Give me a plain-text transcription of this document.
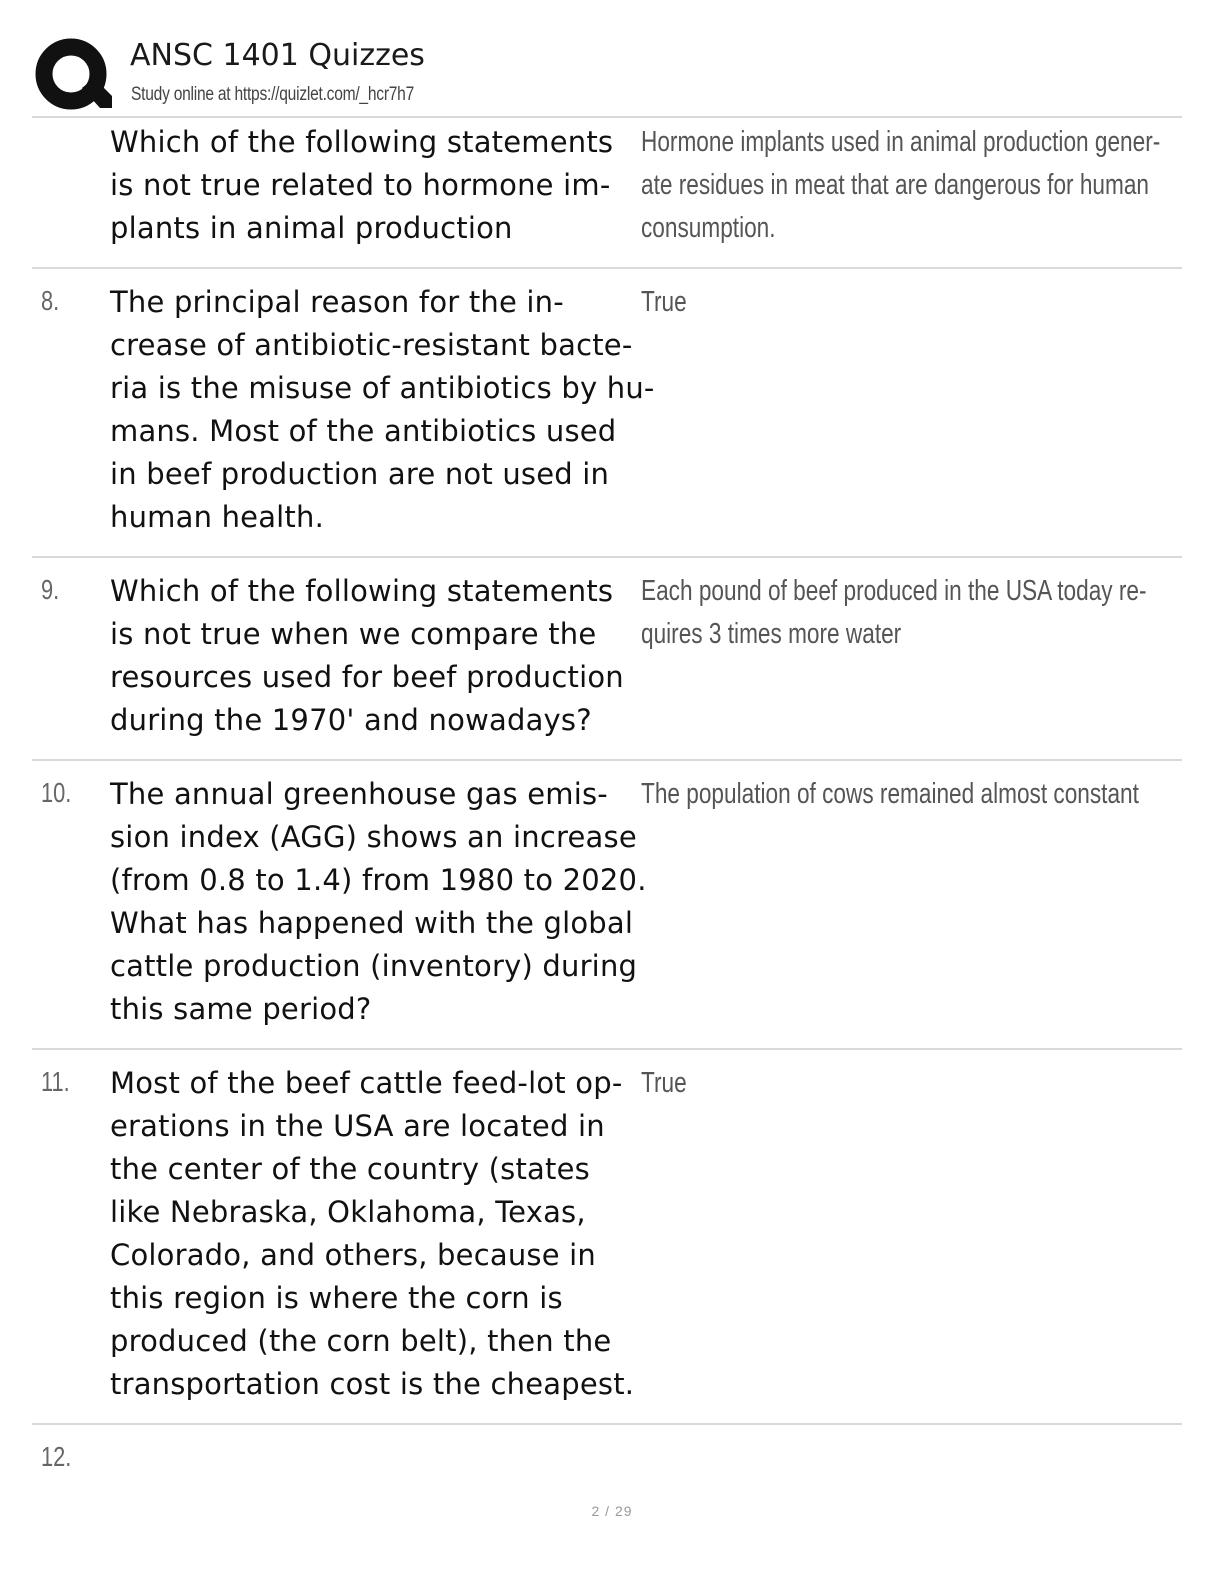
ANSC 1401 Quizzes
Study online at https://quizlet.com/_hcr7h7
Which of the following statements
is not true related to hormone im-
plants in animal production
Hormone implants used in animal production gener-
ate residues in meat that are dangerous for human
consumption.
8. The principal reason for the in-
crease of antibiotic-resistant bacte-
ria is the misuse of antibiotics by hu-
mans. Most of the antibiotics used
in beef production are not used in
human health.
True
9. Which of the following statements
is not true when we compare the
resources used for beef production
during the 1970' and nowadays?
Each pound of beef produced in the USA today re-
quires 3 times more water
10. The annual greenhouse gas emis-
sion index (AGG) shows an increase
(from 0.8 to 1.4) from 1980 to 2020.
What has happened with the global
cattle production (inventory) during
this same period?
The population of cows remained almost constant
11. Most of the beef cattle feed-lot op-
erations in the USA are located in
the center of the country (states
like Nebraska, Oklahoma, Texas,
Colorado, and others, because in
this region is where the corn is
produced (the corn belt), then the
transportation cost is the cheapest.
True
12.
2 / 29
